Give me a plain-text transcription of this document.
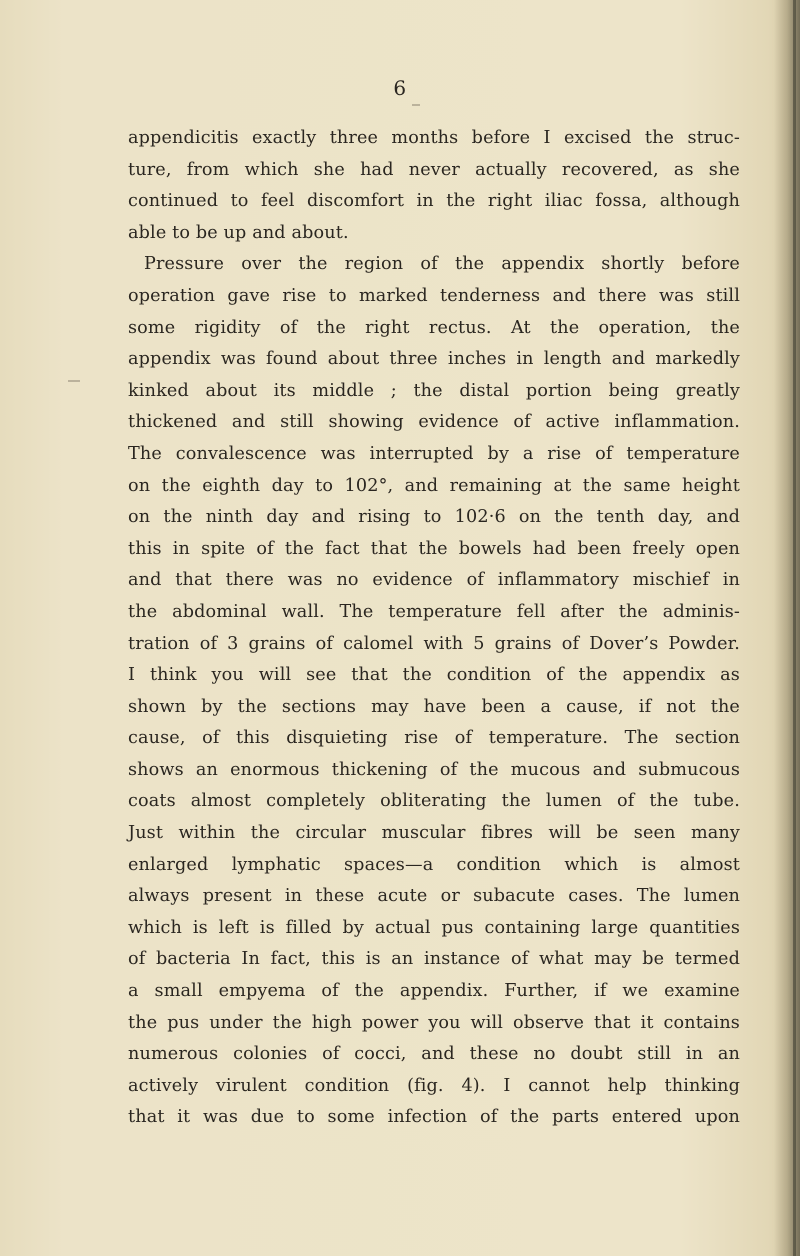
6
appendicitis exactly three months before I excised the struc-
ture, from which she had never actually recovered, as she
continued to feel discomfort in the right iliac fossa, although
able to be up and about.
Pressure over the region of the appendix shortly before
operation gave rise to marked tenderness and there was still
some rigidity of the right rectus. At the operation, the
appendix was found about three inches in length and markedly
kinked about its middle ; the distal portion being greatly
thickened and still showing evidence of active inflammation.
The convalescence was interrupted by a rise of temperature
on the eighth day to 102°, and remaining at the same height
on the ninth day and rising to 102·6 on the tenth day, and
this in spite of the fact that the bowels had been freely open
and that there was no evidence of inflammatory mischief in
the abdominal wall. The temperature fell after the adminis-
tration of 3 grains of calomel with 5 grains of Dover’s Powder.
I think you will see that the condition of the appendix as
shown by the sections may have been a cause, if not the
cause, of this disquieting rise of temperature. The section
shows an enormous thickening of the mucous and submucous
coats almost completely obliterating the lumen of the tube.
Just within the circular muscular fibres will be seen many
enlarged lymphatic spaces—a condition which is almost
always present in these acute or subacute cases. The lumen
which is left is filled by actual pus containing large quantities
of bacteria In fact, this is an instance of what may be termed
a small empyema of the appendix. Further, if we examine
the pus under the high power you will observe that it contains
numerous colonies of cocci, and these no doubt still in an
actively virulent condition (fig. 4). I cannot help thinking
that it was due to some infection of the parts entered upon
